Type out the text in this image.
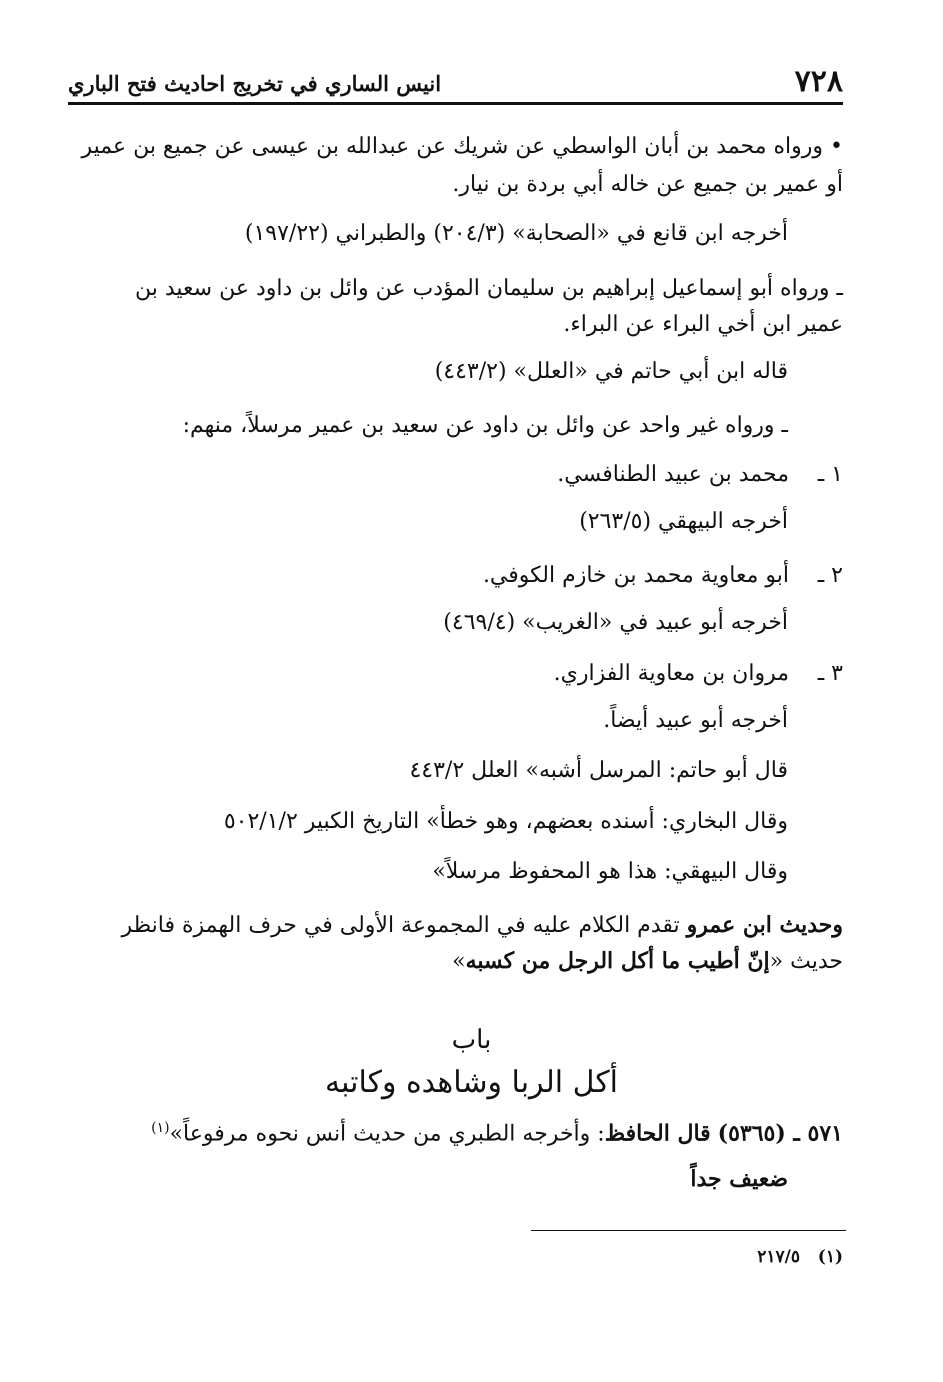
٧٢٨
انيس الساري في تخريج احاديث فتح الباري

• ورواه محمد بن أبان الواسطي عن شريك عن عبدالله بن عيسى عن جميع بن عمير

أو عمير بن جميع عن خاله أبي بردة بن نيار.

أخرجه ابن قانع في «الصحابة» (٢٠٤/٣) والطبراني (١٩٧/٢٢)

ـ ورواه أبو إسماعيل إبراهيم بن سليمان المؤدب عن وائل بن داود عن سعيد بن

عمير ابن أخي البراء عن البراء.

قاله ابن أبي حاتم في «العلل» (٤٤٣/٢)

ـ ورواه غير واحد عن وائل بن داود عن سعيد بن عمير مرسلاً، منهم:

١ ـ
محمد بن عبيد الطنافسي.

أخرجه البيهقي (٢٦٣/٥)

٢ ـ
أبو معاوية محمد بن خازم الكوفي.

أخرجه أبو عبيد في «الغريب» (٤٦٩/٤)

٣ ـ
مروان بن معاوية الفزاري.

أخرجه أبو عبيد أيضاً.

قال أبو حاتم: المرسل أشبه» العلل ٤٤٣/٢

وقال البخاري: أسنده بعضهم، وهو خطأ» التاريخ الكبير ٥٠٢/١/٢

وقال البيهقي: هذا هو المحفوظ مرسلاً»

وحديث ابن عمرو تقدم الكلام عليه في المجموعة الأولى في حرف الهمزة فانظر

حديث «إنّ أطيب ما أكل الرجل من كسبه»

باب
أكل الربا وشاهده وكاتبه

٥٧١ ـ (٥٣٦٥) قال الحافظ: وأخرجه الطبري من حديث أنس نحوه مرفوعاً»$^{(١)}$

ضعيف جداً

(١)   ٢١٧/٥
